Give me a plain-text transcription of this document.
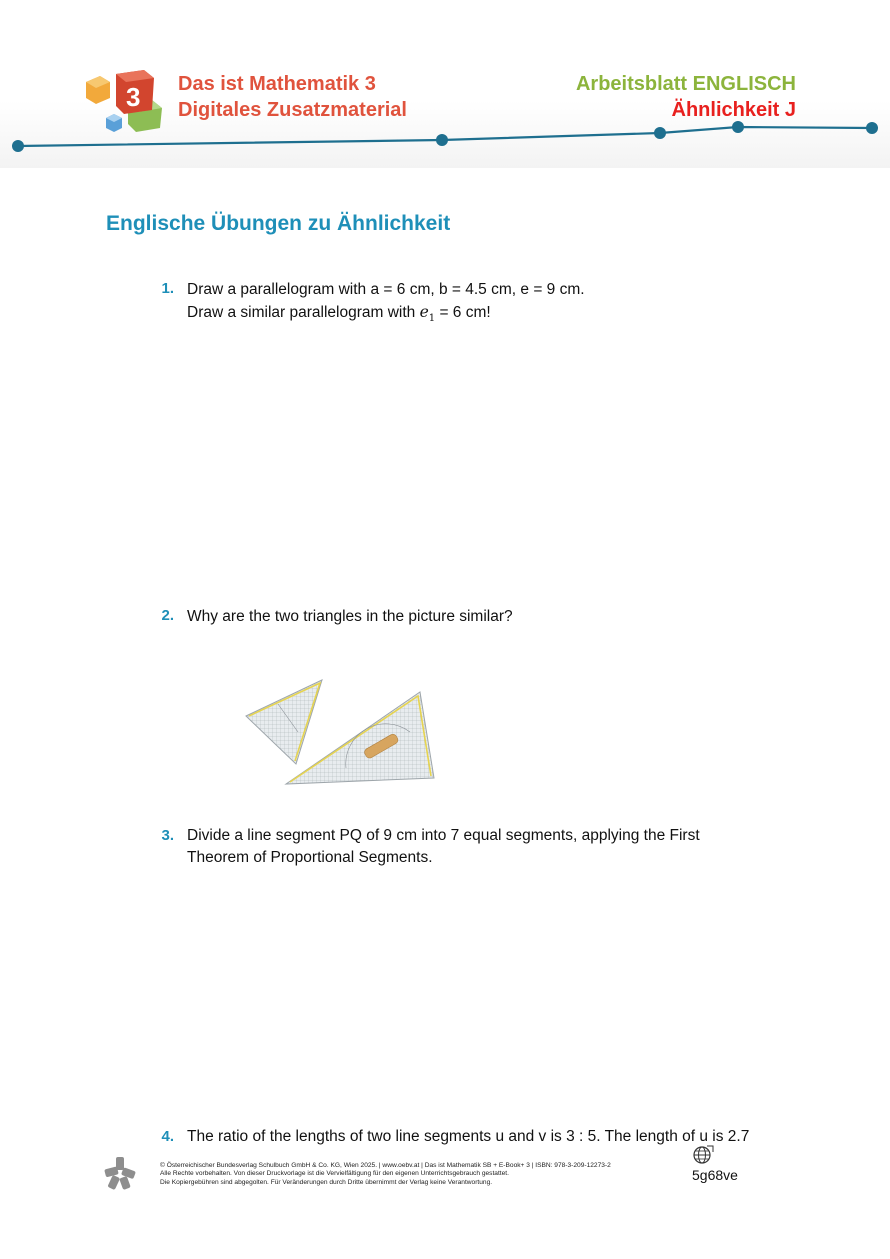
3 Das ist Mathematik 3
Digitales Zusatzmaterial
Arbeitsblatt ENGLISCH
Ähnlichkeit J
Englische Übungen zu Ähnlichkeit
1. Draw a parallelogram with a = 6 cm, b = 4.5 cm, e = 9 cm.
Draw a similar parallelogram with $e_1 = 6$ cm!
2. Why are the two triangles in the picture similar?
3. Divide a line segment PQ of 9 cm into 7 equal segments, applying the First
Theorem of Proportional Segments.
4. The ratio of the lengths of two line segments u and v is 3 : 5. The length of u is 2.7
© Österreichischer Bundesverlag Schulbuch GmbH & Co. KG, Wien 2025. | www.oebv.at | Das ist Mathematik SB + E-Book+ 3 | ISBN: 978-3-209-12273-2
Alle Rechte vorbehalten. Von dieser Druckvorlage ist die Vervielfältigung für den eigenen Unterrichtsgebrauch gestattet.
Die Kopiergebühren sind abgegolten. Für Veränderungen durch Dritte übernimmt der Verlag keine Verantwortung.	5g68ve
